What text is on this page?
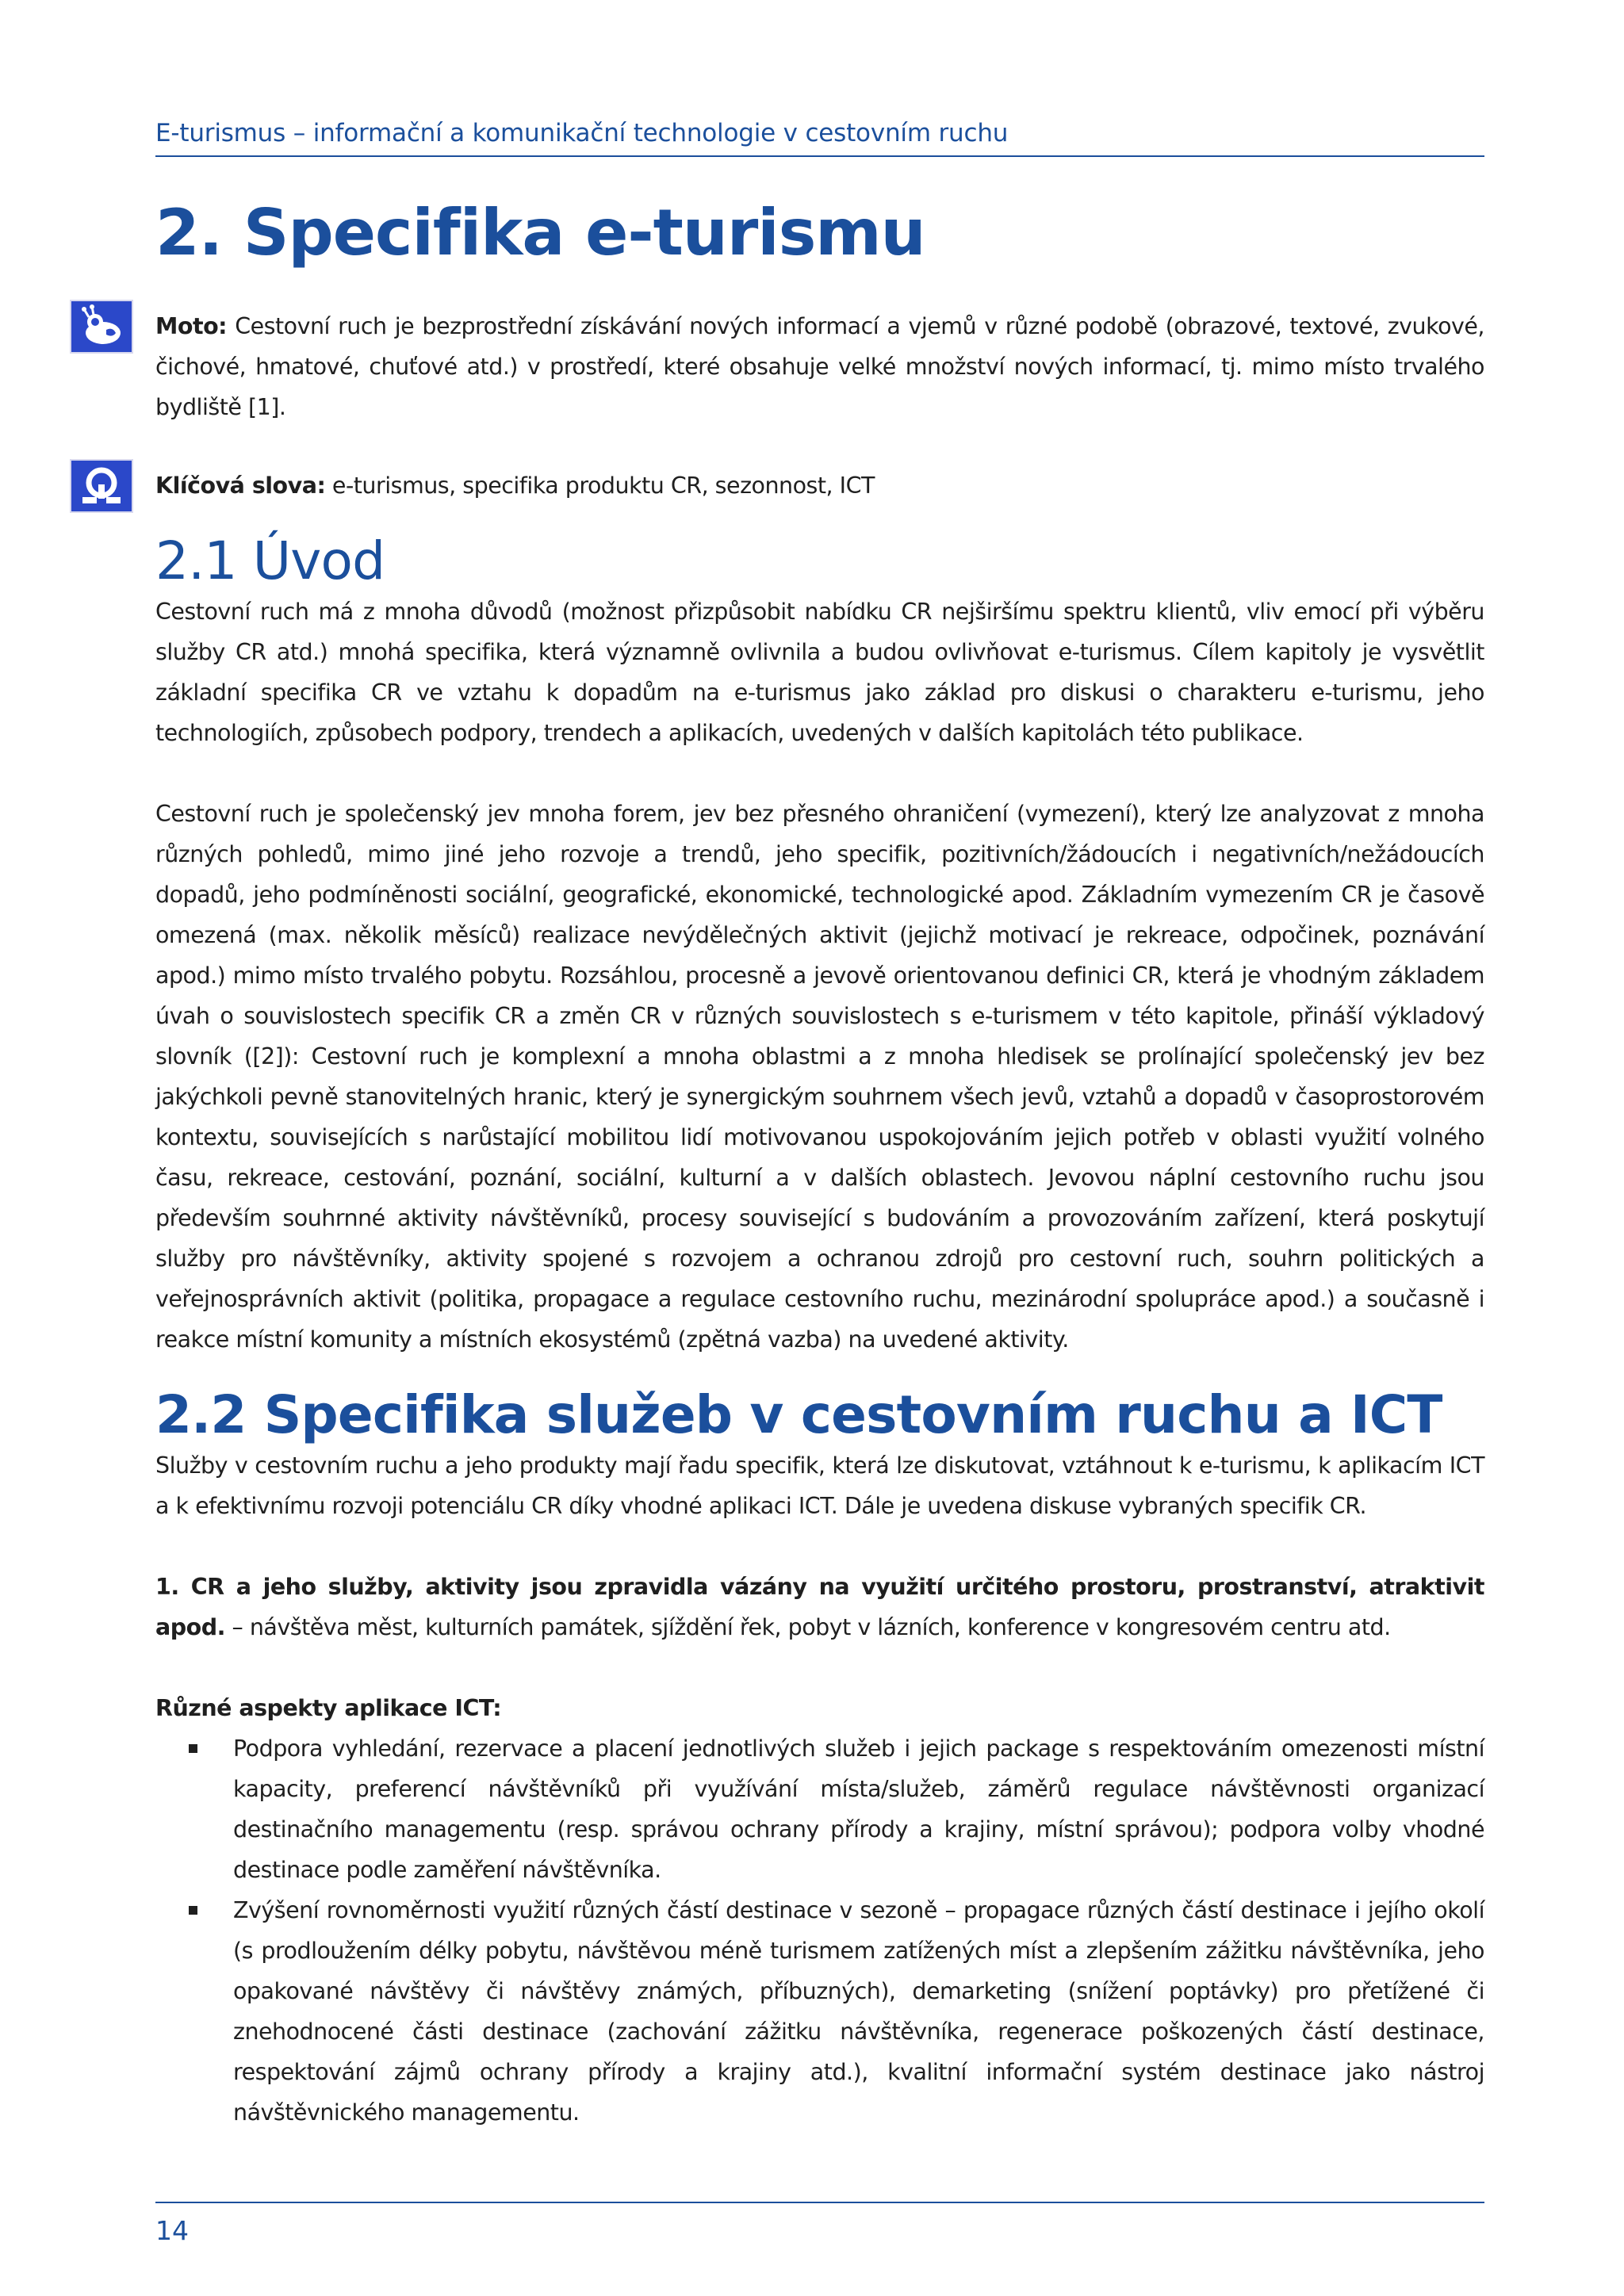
E-turismus – informační a komunikační technologie v cestovním ruchu
2. Specifika e-turismu

Moto: Cestovní ruch je bezprostřední získávání nových informací a vjemů v různé podobě (obrazové, textové, zvukové, čichové, hmatové, chuťové atd.) v prostředí, které obsahuje velké množství nových informací, tj. mimo místo trvalého bydliště [1].

Klíčová slova: e-turismus, specifika produktu CR, sezonnost, ICT

2.1 Úvod

Cestovní ruch má z mnoha důvodů (možnost přizpůsobit nabídku CR nejširšímu spektru klientů, vliv emocí při výběru služby CR atd.) mnohá specifika, která významně ovlivnila a budou ovlivňovat e-turismus. Cílem kapitoly je vysvětlit základní specifika CR ve vztahu k dopadům na e-turismus jako základ pro diskusi o charakteru e-turismu, jeho technologiích, způsobech podpory, trendech a aplikacích, uvedených v dalších kapitolách této publikace.

Cestovní ruch je společenský jev mnoha forem, jev bez přesného ohraničení (vymezení), který lze analyzovat z mnoha různých pohledů, mimo jiné jeho rozvoje a trendů, jeho specifik, pozitivních/žádoucích i negativních/nežádoucích dopadů, jeho podmíněnosti sociální, geografické, ekonomické, technologické apod. Základním vymezením CR je časově omezená (max. několik měsíců) realizace nevýdělečných aktivit (jejichž motivací je rekreace, odpočinek, poznávání apod.) mimo místo trvalého pobytu. Rozsáhlou, procesně a jevově orientovanou definici CR, která je vhodným základem úvah o souvislostech specifik CR a změn CR v různých souvislostech s e-turismem v této kapitole, přináší výkladový slovník ([2]): Cestovní ruch je komplexní a mnoha oblastmi a z mnoha hledisek se prolínající společenský jev bez jakýchkoli pevně stanovitelných hranic, který je synergickým souhrnem všech jevů, vztahů a dopadů v časoprostorovém kontextu, souvisejících s narůstající mobilitou lidí motivovanou uspokojováním jejich potřeb v oblasti využití volného času, rekreace, cestování, poznání, sociální, kulturní a v dalších oblastech. Jevovou náplní cestovního ruchu jsou především souhrnné aktivity návštěvníků, procesy související s budováním a provozováním zařízení, která poskytují služby pro návštěvníky, aktivity spojené s rozvojem a ochranou zdrojů pro cestovní ruch, souhrn politických a veřejnosprávních aktivit (politika, propagace a regulace cestovního ruchu, mezinárodní spolupráce apod.) a současně i reakce místní komunity a místních ekosystémů (zpětná vazba) na uvedené aktivity.

2.2 Specifika služeb v cestovním ruchu a ICT

Služby v cestovním ruchu a jeho produkty mají řadu specifik, která lze diskutovat, vztáhnout k e-turismu, k aplikacím ICT a k efektivnímu rozvoji potenciálu CR díky vhodné aplikaci ICT. Dále je uvedena diskuse vybraných specifik CR.

1. CR a jeho služby, aktivity jsou zpravidla vázány na využití určitého prostoru, prostranství, atraktivit apod. – návštěva měst, kulturních památek, sjíždění řek, pobyt v lázních, konference v kongresovém centru atd.

Různé aspekty aplikace ICT:

Podpora vyhledání, rezervace a placení jednotlivých služeb i jejich package s respektováním omezenosti místní kapacity, preferencí návštěvníků při využívání místa/služeb, záměrů regulace návštěvnosti organizací destinačního managementu (resp. správou ochrany přírody a krajiny, místní správou); podpora volby vhodné destinace podle zaměření návštěvníka.
Zvýšení rovnoměrnosti využití různých částí destinace v sezoně – propagace různých částí destinace i jejího okolí (s prodloužením délky pobytu, návštěvou méně turismem zatížených míst a zlepšením zážitku návštěvníka, jeho opakované návštěvy či návštěvy známých, příbuzných), demarketing (snížení poptávky) pro přetížené či znehodnocené části destinace (zachování zážitku návštěvníka, regenerace poškozených částí destinace, respektování zájmů ochrany přírody a krajiny atd.), kvalitní informační systém destinace jako nástroj návštěvnického managementu.
14
